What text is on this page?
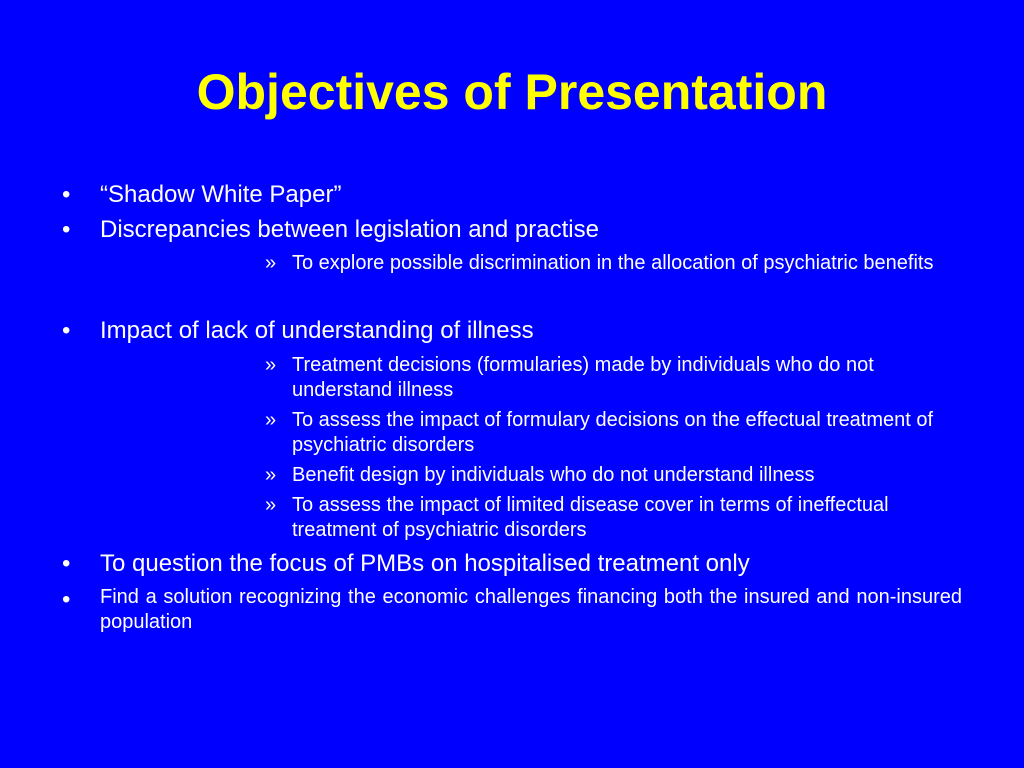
Objectives of Presentation
•	“Shadow White Paper”
•	Discrepancies between legislation and practise
» To explore possible discrimination in the allocation of psychiatric benefits
•	Impact of lack of understanding of illness
» Treatment decisions (formularies) made by individuals who do not understand illness
» To assess the impact of formulary decisions on the effectual treatment of psychiatric disorders
» Benefit design by individuals who do not understand illness
» To assess the impact of limited disease cover in terms of ineffectual treatment of psychiatric disorders
•	To question the focus of PMBs on hospitalised treatment only
•	Find a solution recognizing the economic challenges financing both the insured and non-insured population
